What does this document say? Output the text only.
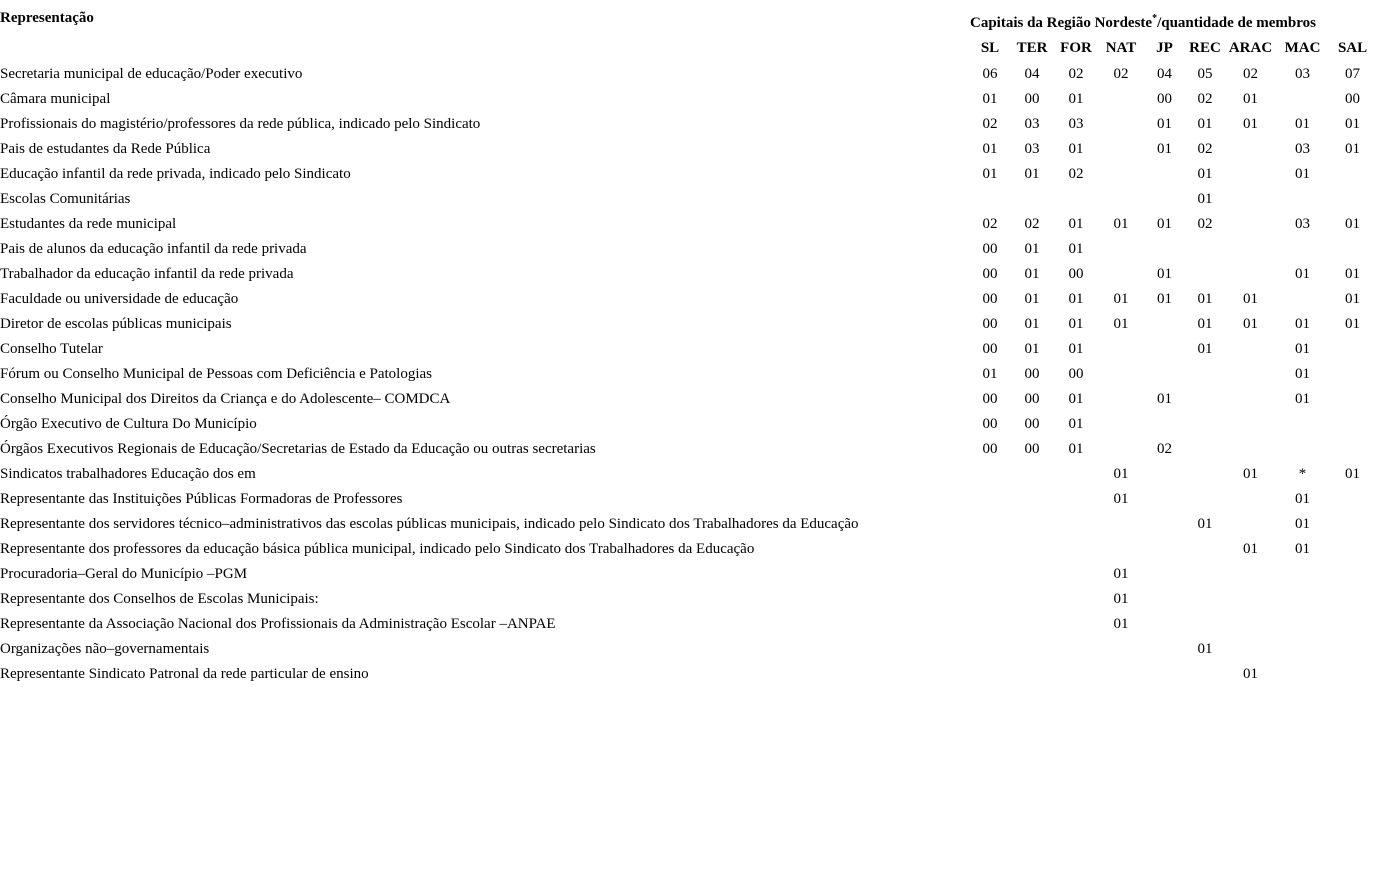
Representação	Capitais da Região Nordeste*/quantidade de membros								
	SL	TER	FOR	NAT	JP	REC	ARAC	MAC	SAL
Secretaria municipal de educação/Poder executivo	06	04	02	02	04	05	02	03	07
Câmara municipal	01	00	01		00	02	01		00
Profissionais do magistério/professores da rede pública, indicado pelo Sindicato	02	03	03		01	01	01	01	01
Pais de estudantes da Rede Pública	01	03	01		01	02		03	01
Educação infantil da rede privada, indicado pelo Sindicato	01	01	02			01		01	
Escolas Comunitárias						01			
Estudantes da rede municipal	02	02	01	01	01	02		03	01
Pais de alunos da educação infantil da rede privada	00	01	01						
Trabalhador da educação infantil da rede privada	00	01	00		01			01	01
Faculdade ou universidade de educação	00	01	01	01	01	01	01		01
Diretor de escolas públicas municipais	00	01	01	01		01	01	01	01
Conselho Tutelar	00	01	01			01		01	
Fórum ou Conselho Municipal de Pessoas com Deficiência e Patologias	01	00	00					01	
Conselho Municipal dos Direitos da Criança e do Adolescente– COMDCA	00	00	01		01			01	
Órgão Executivo de Cultura Do Município	00	00	01						
Órgãos Executivos Regionais de Educação/Secretarias de Estado da Educação ou outras secretarias	00	00	01		02				
Sindicatos trabalhadores Educação dos em				01			01	*	01
Representante das Instituições Públicas Formadoras de Professores				01				01	
Representante dos servidores técnico–administrativos das escolas públicas municipais, indicado pelo Sindicato dos Trabalhadores da Educação						01		01	
Representante dos professores da educação básica pública municipal, indicado pelo Sindicato dos Trabalhadores da Educação							01	01	
Procuradoria–Geral do Município –PGM				01					
Representante dos Conselhos de Escolas Municipais:				01					
Representante da Associação Nacional dos Profissionais da Administração Escolar –ANPAE				01					
Organizações não–governamentais						01			
Representante Sindicato Patronal da rede particular de ensino							01		
